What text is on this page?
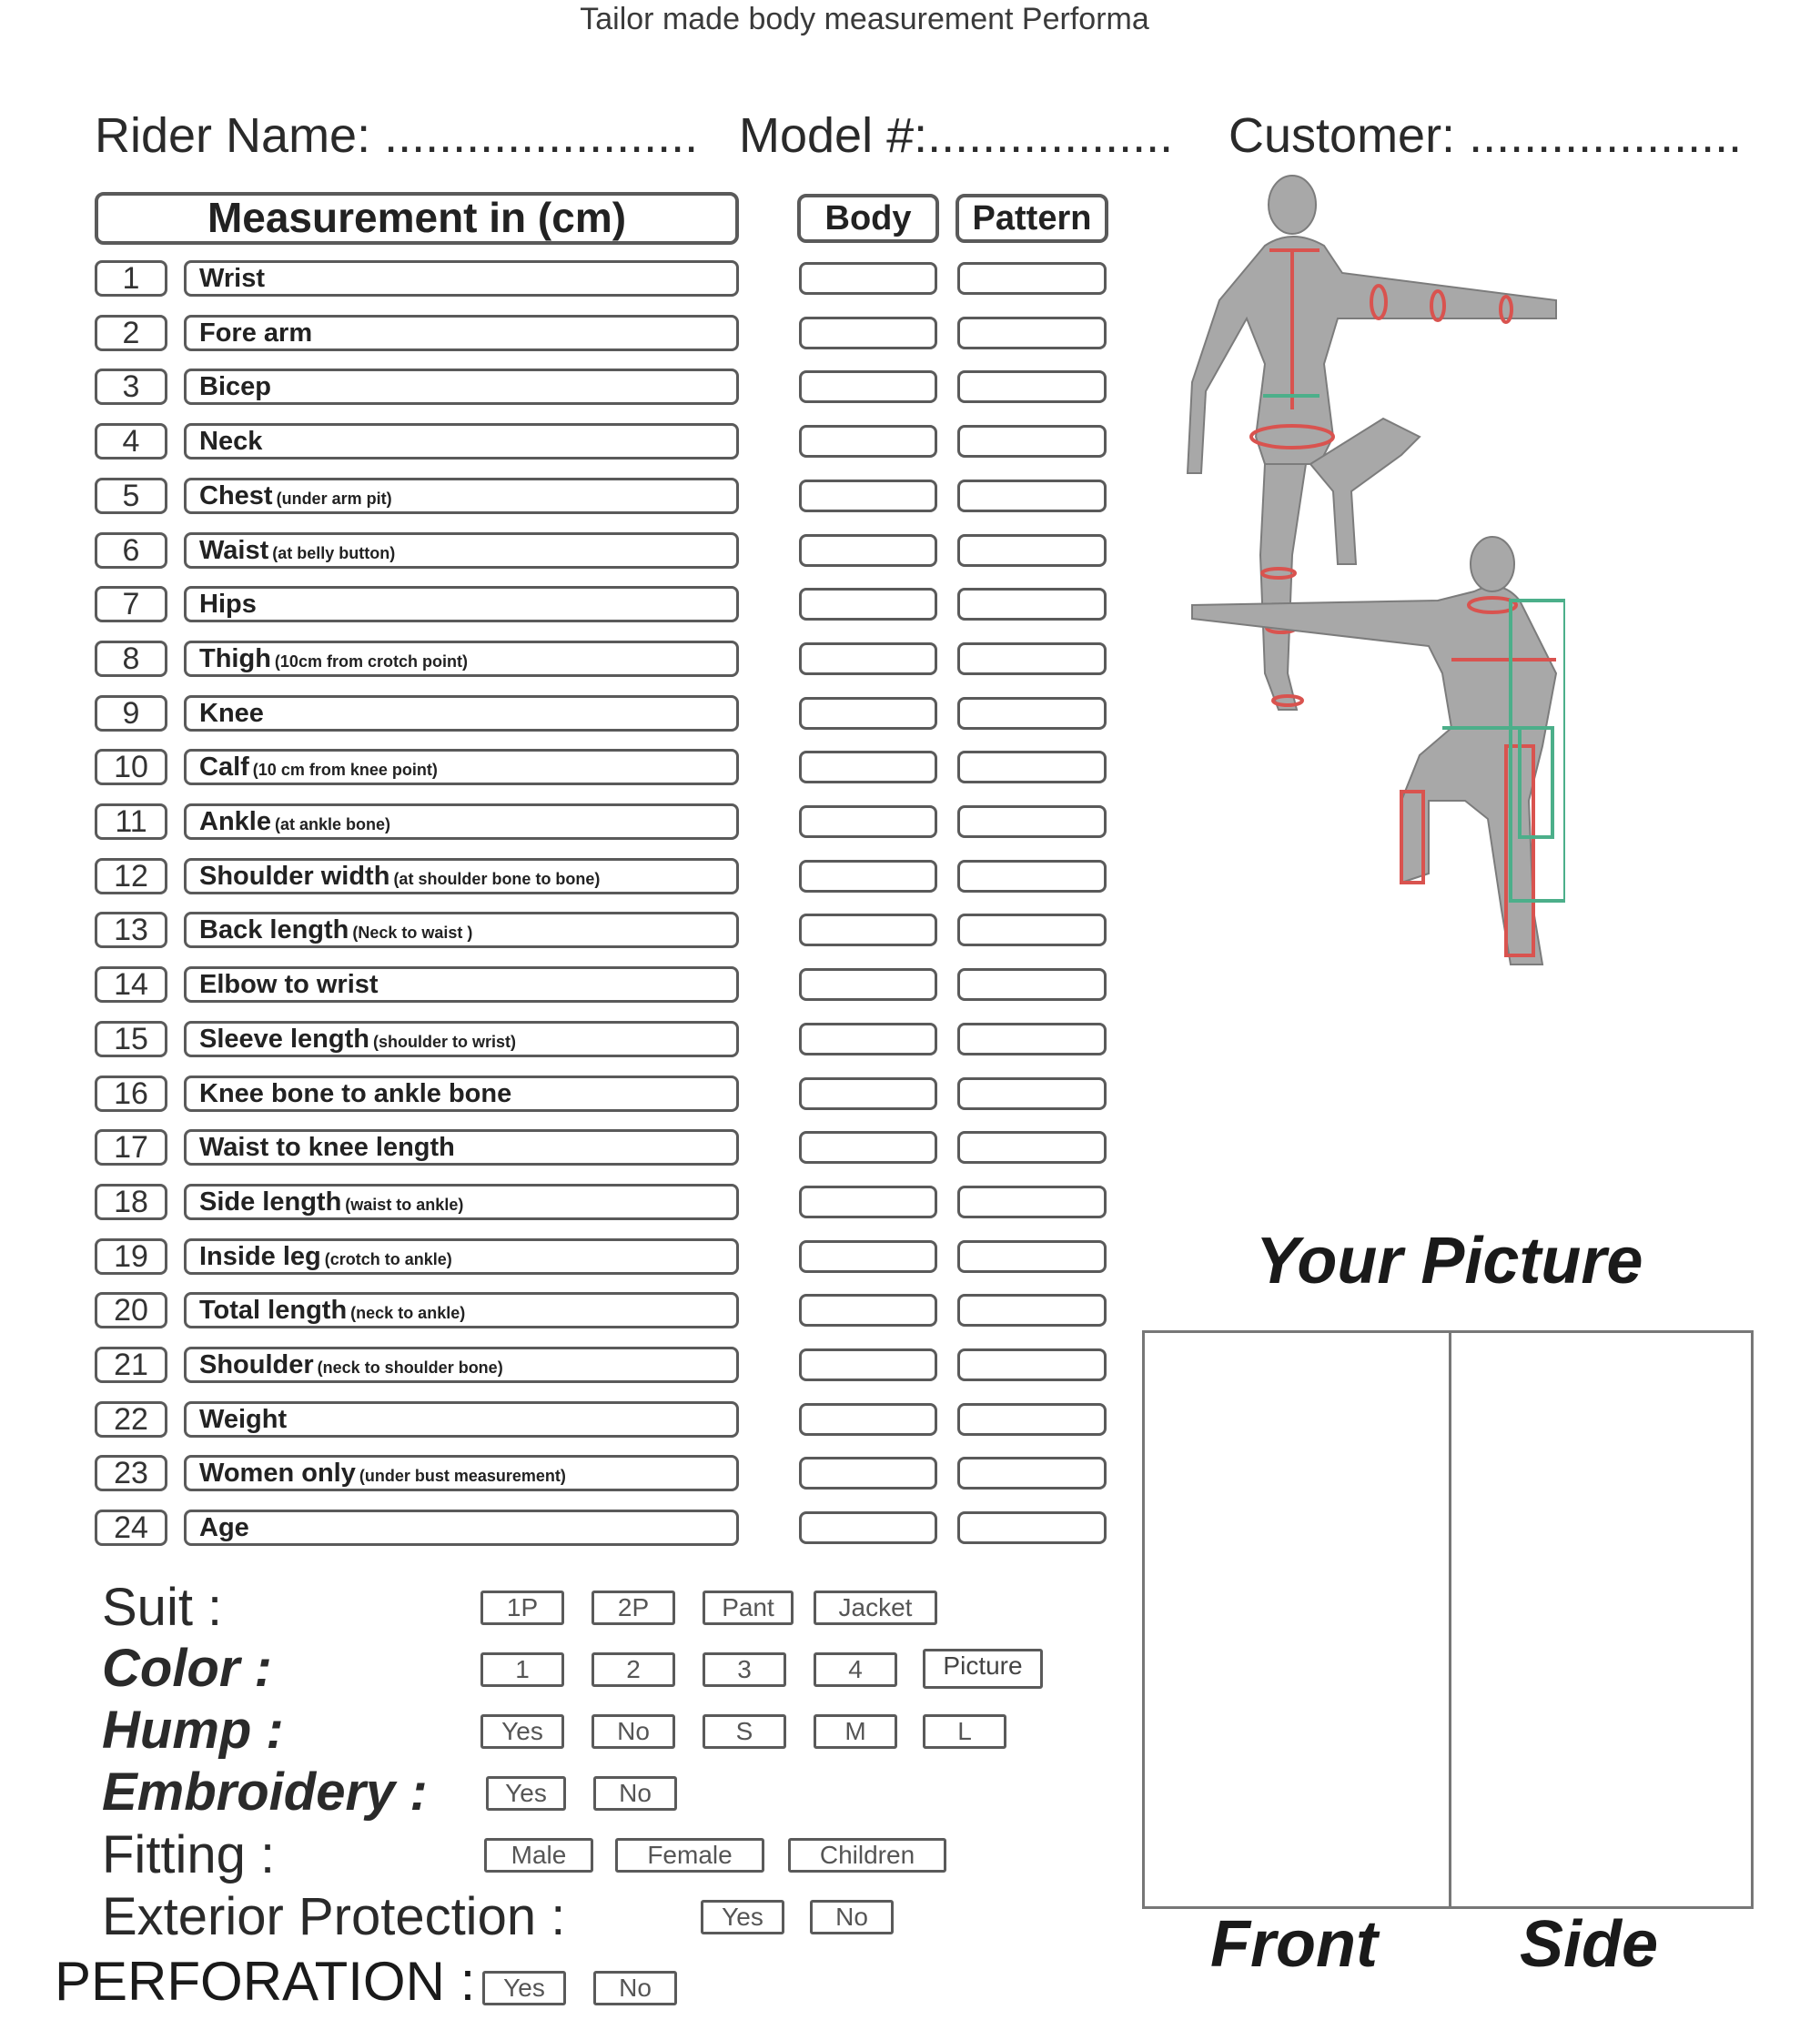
Tailor made body measurement Performa
Rider Name: ....................... Model #:.................. Customer: ....................
Measurement in (cm)	Body	Pattern
1	Wrist
2	Fore arm
3	Bicep
4	Neck
5	Chest (under arm pit)
6	Waist (at belly button)
7	Hips
8	Thigh (10cm from crotch point)
9	Knee
10	Calf (10 cm from knee point)
11	Ankle (at ankle bone)
12	Shoulder width (at shoulder bone to bone)
13	Back length (Neck to waist )
14	Elbow to wrist
15	Sleeve length (shoulder to wrist)
16	Knee bone to ankle bone
17	Waist to knee length
18	Side length (waist to ankle)
19	Inside leg (crotch to ankle)
20	Total length (neck to ankle)
21	Shoulder (neck to shoulder bone)
22	Weight
23	Women only (under bust measurement)
24	Age
Suit :	1P	2P	Pant	Jacket
Color :	1	2	3	4	Picture
Hump :	Yes	No	S	M	L
Embroidery :	Yes	No
Fitting :	Male	Female	Children
Exterior Protection :	Yes	No
PERFORATION :	Yes	No
Your Picture
Front Side
